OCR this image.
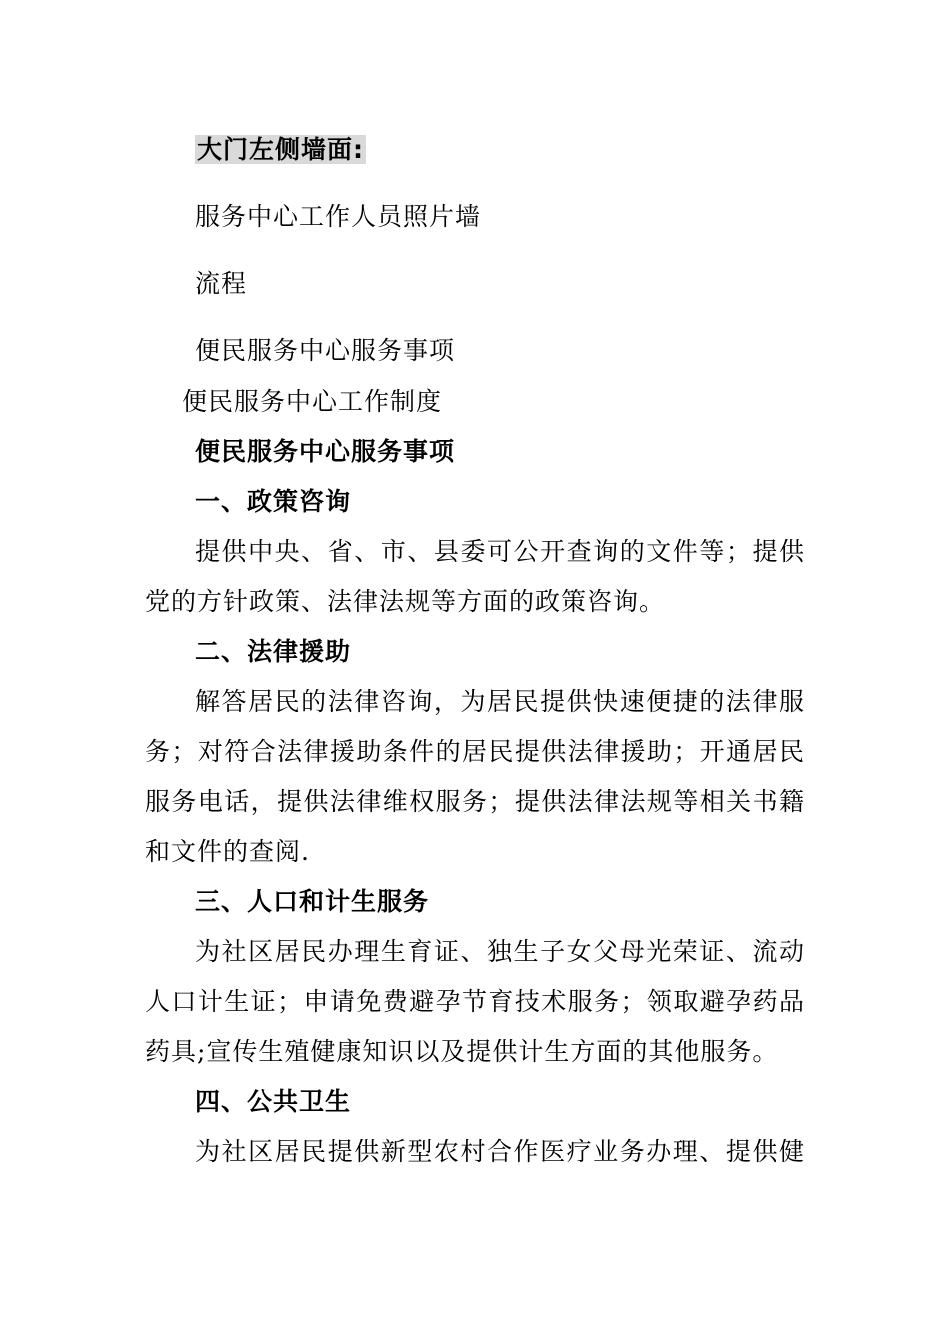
大门左侧墙面:
服务中心工作人员照片墙
流程
便民服务中心服务事项
便民服务中心工作制度
便民服务中心服务事项
一、政策咨询
提供中央、省、市、县委可公开查询的文件等；提供
党的方针政策、法律法规等方面的政策咨询。
二、法律援助
解答居民的法律咨询，为居民提供快速便捷的法律服
务；对符合法律援助条件的居民提供法律援助；开通居民
服务电话，提供法律维权服务；提供法律法规等相关书籍
和文件的查阅.
三、人口和计生服务
为社区居民办理生育证、独生子女父母光荣证、流动
人口计生证；申请免费避孕节育技术服务；领取避孕药品
药具;宣传生殖健康知识以及提供计生方面的其他服务。
四、公共卫生
为社区居民提供新型农村合作医疗业务办理、提供健
